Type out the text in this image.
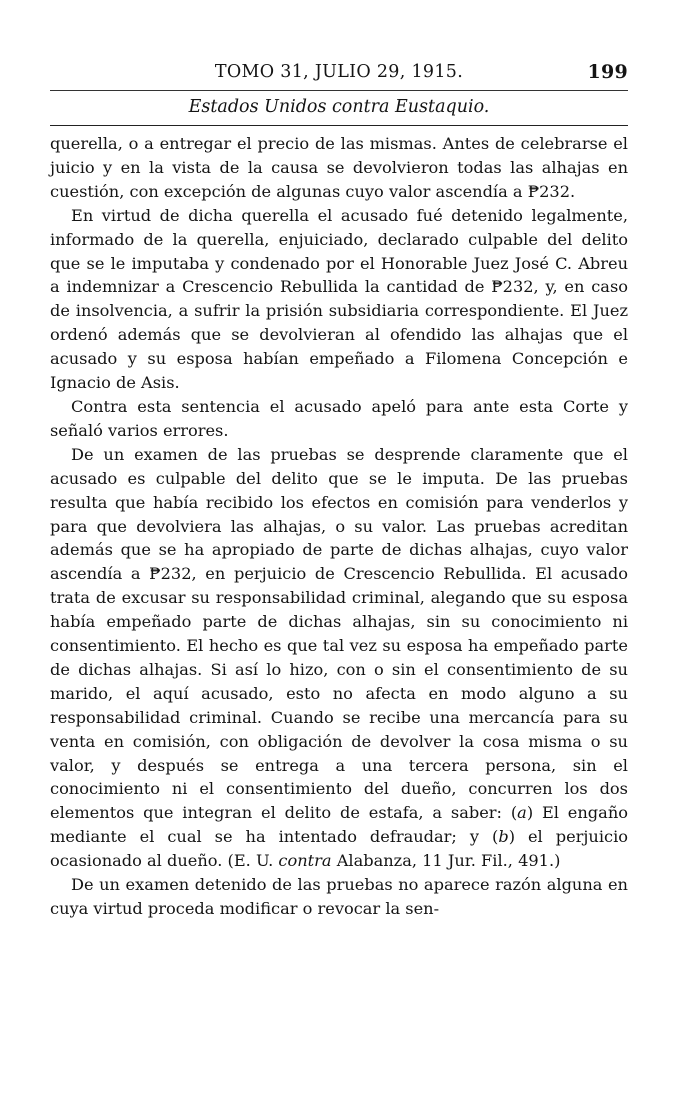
TOMO 31, JULIO 29, 1915.	199
Estados Unidos contra Eustaquio.

querella, o a entregar el precio de las mismas. Antes de celebrarse el juicio y en la vista de la causa se devolvieron todas las alhajas en cuestión, con excepción de algunas cuyo valor ascendía a ₱232.

En virtud de dicha querella el acusado fué detenido legalmente, informado de la querella, enjuiciado, declarado culpable del delito que se le imputaba y condenado por el Honorable Juez José C. Abreu a indemnizar a Crescencio Rebullida la cantidad de ₱232, y, en caso de insolvencia, a sufrir la prisión subsidiaria correspondiente. El Juez ordenó además que se devolvieran al ofendido las alhajas que el acusado y su esposa habían empeñado a Filomena Concepción e Ignacio de Asis.

Contra esta sentencia el acusado apeló para ante esta Corte y señaló varios errores.

De un examen de las pruebas se desprende claramente que el acusado es culpable del delito que se le imputa. De las pruebas resulta que había recibido los efectos en comisión para venderlos y para que devolviera las alhajas, o su valor. Las pruebas acreditan además que se ha apropiado de parte de dichas alhajas, cuyo valor ascendía a ₱232, en perjuicio de Crescencio Rebullida. El acusado trata de excusar su responsabilidad criminal, alegando que su esposa había empeñado parte de dichas alhajas, sin su conocimiento ni consentimiento. El hecho es que tal vez su esposa ha empeñado parte de dichas alhajas. Si así lo hizo, con o sin el consentimiento de su marido, el aquí acusado, esto no afecta en modo alguno a su responsabilidad criminal. Cuando se recibe una mercancía para su venta en comisión, con obligación de devolver la cosa misma o su valor, y después se entrega a una tercera persona, sin el conocimiento ni el consentimiento del dueño, concurren los dos elementos que integran el delito de estafa, a saber: (a) El engaño mediante el cual se ha intentado defraudar; y (b) el perjuicio ocasionado al dueño. (E. U. contra Alabanza, 11 Jur. Fil., 491.)

De un examen detenido de las pruebas no aparece razón alguna en cuya virtud proceda modificar o revocar la sen-
